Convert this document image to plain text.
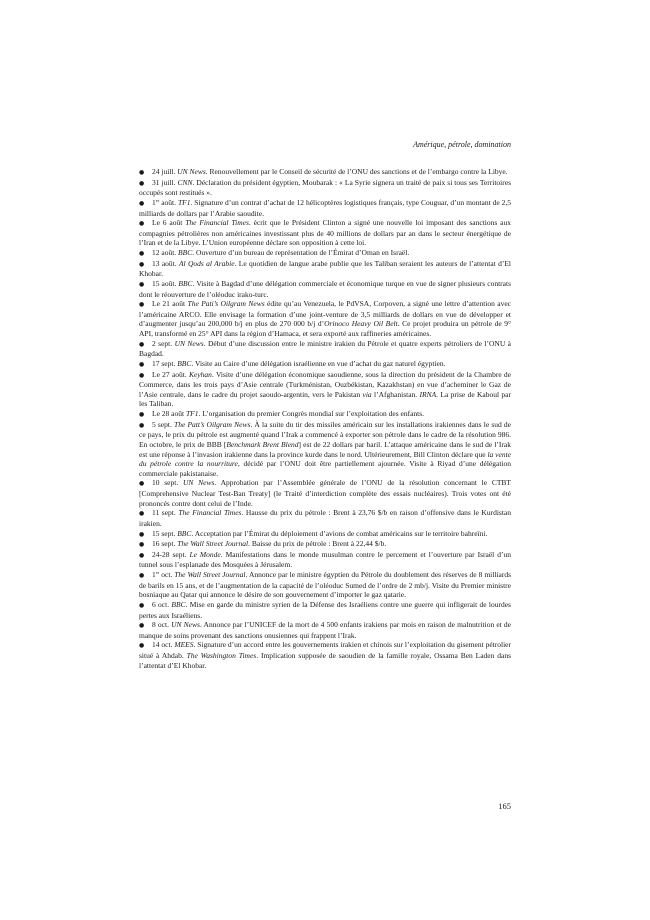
Amérique, pétrole, domination

● 24 juill. UN News. Renouvellement par le Conseil de sécurité de l’ONU des sanctions et de l’embargo contre la Libye.

● 31 juill. CNN. Déclaration du président égyptien, Moubarak : « La Syrie signera un traité de paix si tous ses Territoires occupés sont restitués ».

● 1er août. TF1. Signature d’un contrat d’achat de 12 hélicoptères logistiques français, type Couguar, d’un montant de 2,5 milliards de dollars par l’Arabie saoudite.

● Le 6 août The Financial Times. écrit que le Président Clinton a signé une nouvelle loi imposant des sanctions aux compagnies pétrolières non américaines investissant plus de 40 millions de dollars par an dans le secteur énergétique de l’Iran et de la Libye. L’Union européenne déclare son opposition à cette loi.

● 12 août. BBC. Ouverture d’un bureau de représentation de l’Émirat d’Oman en Israël.

● 13 août. Al Qods al Arabie. Le quotidien de langue arabe publie que les Taliban seraient les auteurs de l’attentat d’El Khobar.

● 15 août. BBC. Visite à Bagdad d’une délégation commerciale et économique turque en vue de signer plusieurs contrats dont le réouverture de l’oléoduc irako-turc.

● Le 21 août The Pati’s Oilgram News édite qu’au Venezuela, le PdVSA, Corpoven, a signé une lettre d’attention avec l’américaine ARCO. Elle envisage la formation d’une joint-venture de 3,5 milliards de dollars en vue de développer et d’augmenter jusqu’au 200,000 b/j en plus de 270 000 b/j d’Orinoco Heavy Oil Belt. Ce projet produira un pétrole de 9° API, transformé en 25° API dans la région d’Hamaca, et sera exporté aux raffineries américaines.

● 2 sept. UN News. Début d’une discussion entre le ministre irakien du Pétrole et quatre experts pétroliers de l’ONU à Bagdad.

● 17 sept. BBC. Visite au Caire d’une délégation israélienne en vue d’achat du gaz naturel égyptien.

● Le 27 août. Keyhan. Visite d’une délégation économique saoudienne, sous la direction du président de la Chambre de Commerce, dans les trois pays d’Asie centrale (Turkménistan, Ouzbékistan, Kazakhstan) en vue d’acheminer le Gaz de l’Asie centrale, dans le cadre du projet saoudo-argentin, vers le Pakistan via l’Afghanistan. IRNA. La prise de Kaboul par les Taliban.

● Le 28 août TF1. L’organisation du premier Congrès mondial sur l’exploitation des enfants.

● 5 sept. The Patt’s Oilgram News. À la suite du tir des missiles américain sur les installations irakiennes dans le sud de ce pays, le prix du pétrole est augmenté quand l’Irak a commencé à exporter son pétrole dans le cadre de la résolution 986. En octobre, le prix de BBB [Benchmark Brent Blend] est de 22 dollars par baril. L’attaque américaine dans le sud de l’Irak est une réponse à l’invasion irakienne dans la province kurde dans le nord. Ultérieurement, Bill Clinton déclare que la vente du pétrole contre la nourriture, décidé par l’ONU doit être partiellement ajournée. Visite à Riyad d’une délégation commerciale pakistanaise.

● 10 sept. UN News. Approbation par l’Assemblée générale de l’ONU de la résolution concernant le CTBT [Comprehensive Nuclear Test-Ban Treaty] (le Traité d’interdiction complète des essais nucléaires). Trois votes ont été prononcés contre dont celui de l’Inde.

● 11 sept. The Financial Times. Hausse du prix du pétrole : Brent à 23,76 $/b en raison d’offensive dans le Kurdistan irakien.

● 15 sept. BBC. Acceptation par l’Émirat du déploiement d’avions de combat américains sur le territoire bahreïni.

● 16 sept. The Wall Street Journal. Baisse du prix de pétrole : Brent à 22,44 $/b.

● 24-28 sept. Le Monde. Manifestations dans le monde musulman contre le percement et l’ouverture par Israël d’un tunnel sous l’esplanade des Mosquées à Jérusalem.

● 1er oct. The Wall Street Journal. Annonce par le ministre égyptien du Pétrole du doublement des réserves de 8 milliards de barils en 15 ans, et de l’augmentation de la capacité de l’oléoduc Sumed de l’ordre de 2 mb/j. Visite du Premier ministre bosniaque au Qatar qui annonce le désire de son gouvernement d’importer le gaz qatarie.

● 6 oct. BBC. Mise en garde du ministre syrien de la Défense des Israéliens contre une guerre qui infligerait de lourdes pertes aux Israéliens.

● 8 oct. UN News. Annonce par l’UNICEF de la mort de 4 500 enfants irakiens par mois en raison de malnutrition et de manque de soins provenant des sanctions onusiennes qui frappent l’Irak.

● 14 oct. MEES. Signature d’un accord entre les gouvernements irakien et chinois sur l’exploitation du gisement pétrolier situé à Ahdab. The Washington Times. Implication supposée de saoudien de la famille royale, Ossama Ben Laden dans l’attentat d’El Khobar.

165
